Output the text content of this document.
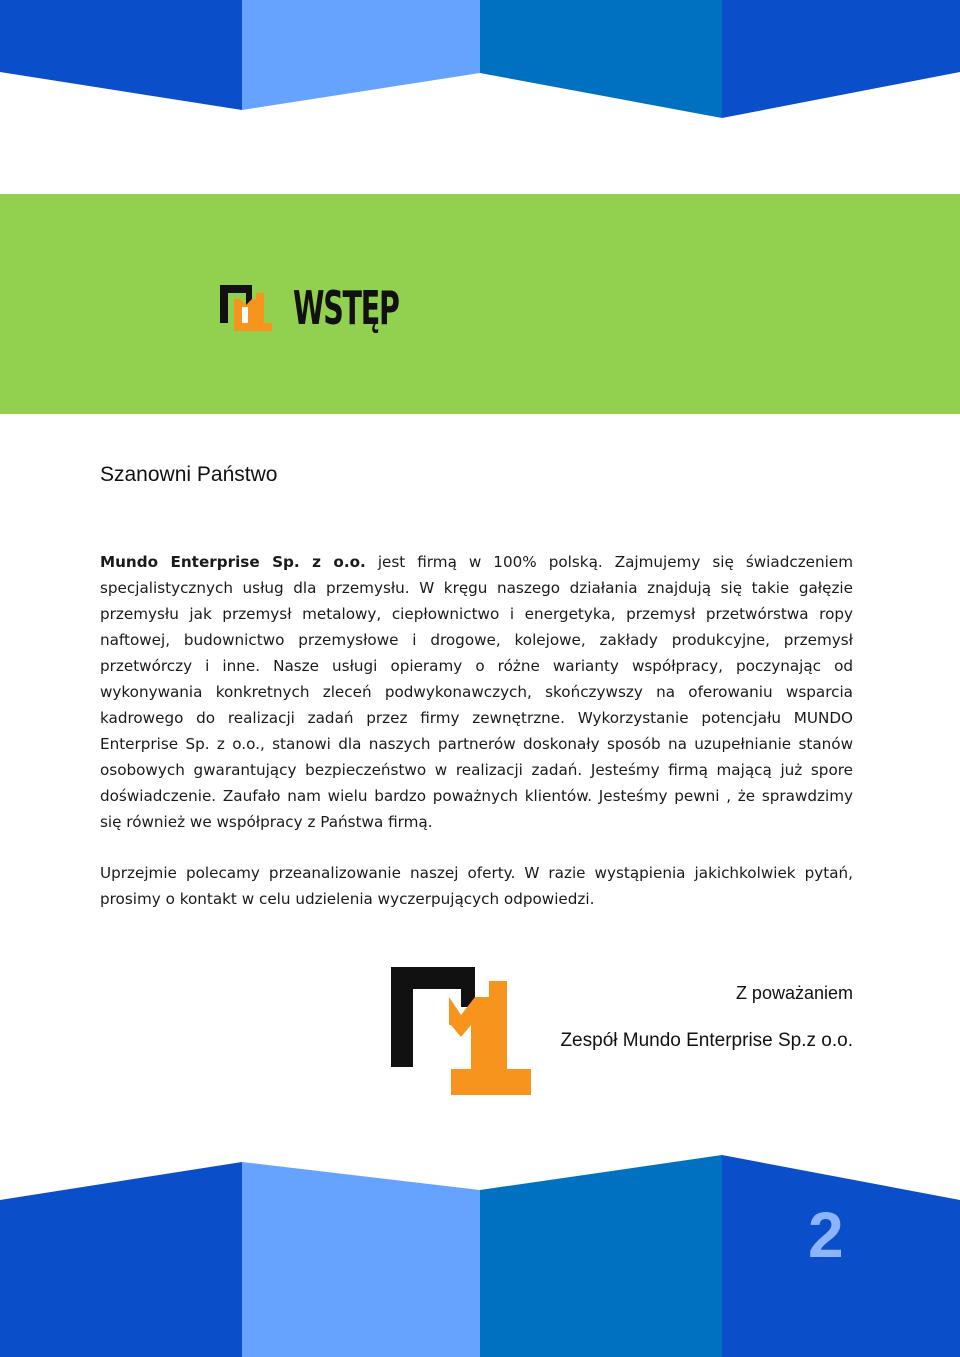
WSTĘP
Szanowni Państwo
Mundo Enterprise Sp. z o.o. jest firmą w 100% polską. Zajmujemy się świadczeniem specjalistycznych usług dla przemysłu. W kręgu naszego działania znajdują się takie gałęzie przemysłu jak przemysł metalowy, ciepłownictwo i energetyka, przemysł przetwórstwa ropy naftowej, budownictwo przemysłowe i drogowe, kolejowe, zakłady produkcyjne, przemysł przetwórczy i inne. Nasze usługi opieramy o różne warianty współpracy, poczynając od wykonywania konkretnych zleceń podwykonawczych, skończywszy na oferowaniu wsparcia kadrowego do realizacji zadań przez firmy zewnętrzne. Wykorzystanie potencjału MUNDO Enterprise Sp. z o.o., stanowi dla naszych partnerów doskonały sposób na uzupełnianie stanów osobowych gwarantujący bezpieczeństwo w realizacji zadań. Jesteśmy firmą mającą już spore doświadczenie. Zaufało nam wielu bardzo poważnych klientów. Jesteśmy pewni , że sprawdzimy się również we współpracy z Państwa firmą.
Uprzejmie polecamy przeanalizowanie naszej oferty. W razie wystąpienia jakichkolwiek pytań, prosimy o kontakt w celu udzielenia wyczerpujących odpowiedzi.
Z poważaniem
Zespół Mundo Enterprise Sp.z o.o.
2
